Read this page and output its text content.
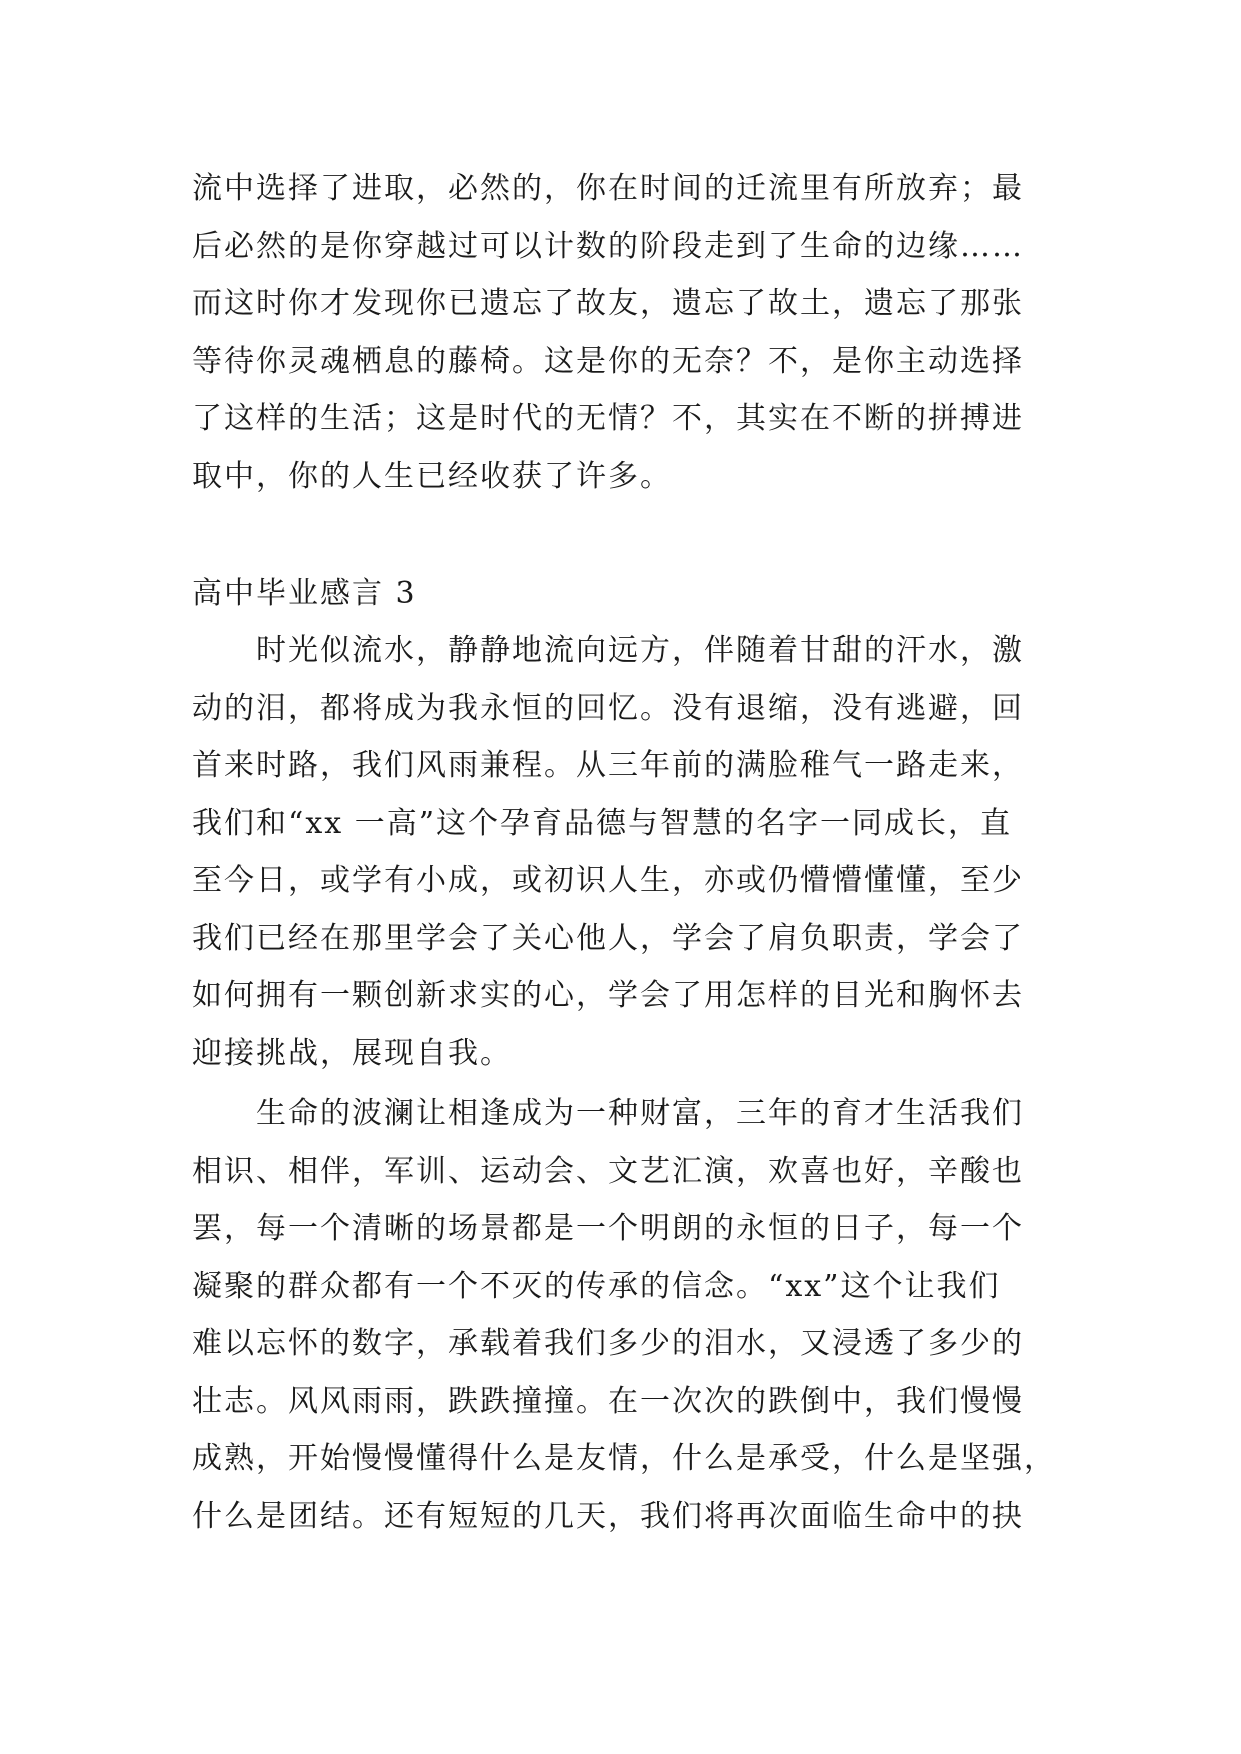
流中选择了进取，必然的，你在时间的迁流里有所放弃；最
后必然的是你穿越过可以计数的阶段走到了生命的边缘……
而这时你才发现你已遗忘了故友，遗忘了故土，遗忘了那张
等待你灵魂栖息的藤椅。这是你的无奈？不，是你主动选择
了这样的生活；这是时代的无情？不，其实在不断的拼搏进
取中，你的人生已经收获了许多。
高中毕业感言 3
　　时光似流水，静静地流向远方，伴随着甘甜的汗水，激
动的泪，都将成为我永恒的回忆。没有退缩，没有逃避，回
首来时路，我们风雨兼程。从三年前的满脸稚气一路走来，
我们和“xx 一高”这个孕育品德与智慧的名字一同成长，直
至今日，或学有小成，或初识人生，亦或仍懵懵懂懂，至少
我们已经在那里学会了关心他人，学会了肩负职责，学会了
如何拥有一颗创新求实的心，学会了用怎样的目光和胸怀去
迎接挑战，展现自我。
　　生命的波澜让相逢成为一种财富，三年的育才生活我们
相识、相伴，军训、运动会、文艺汇演，欢喜也好，辛酸也
罢，每一个清晰的场景都是一个明朗的永恒的日子，每一个
凝聚的群众都有一个不灭的传承的信念。“xx”这个让我们
难以忘怀的数字，承载着我们多少的泪水，又浸透了多少的
壮志。风风雨雨，跌跌撞撞。在一次次的跌倒中，我们慢慢
成熟，开始慢慢懂得什么是友情，什么是承受，什么是坚强，
什么是团结。还有短短的几天，我们将再次面临生命中的抉
